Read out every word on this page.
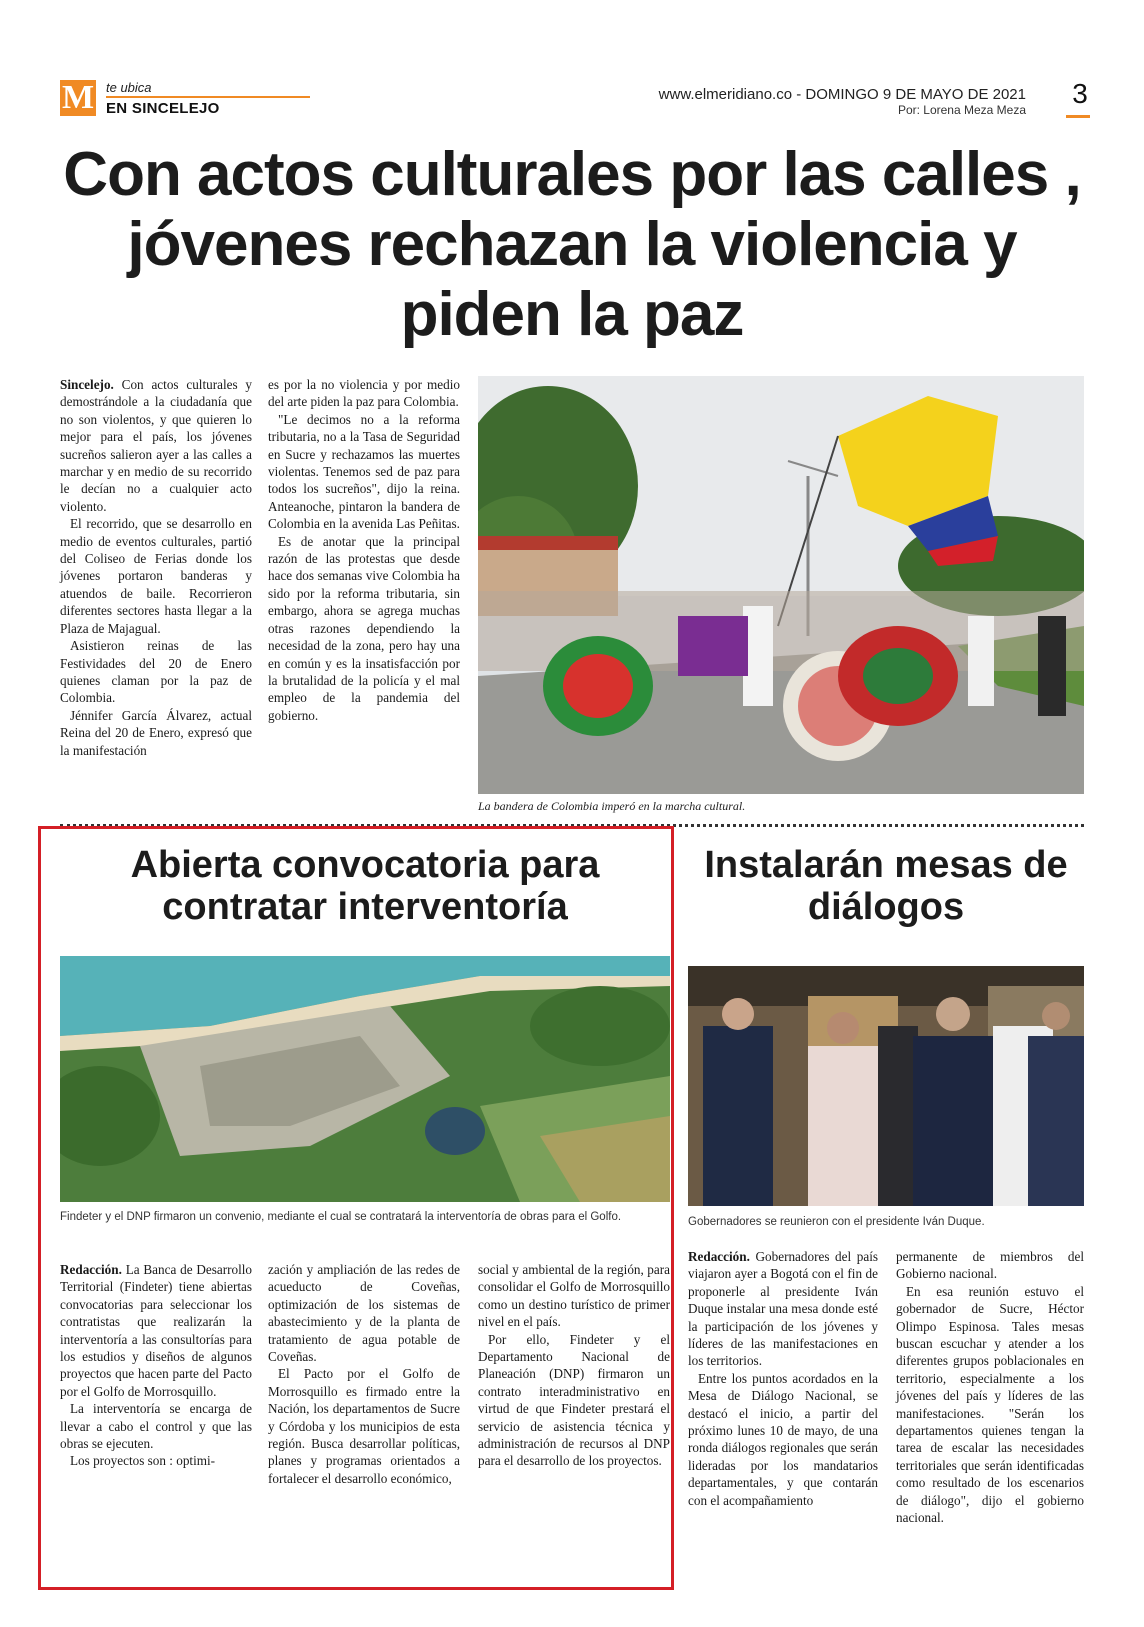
M te ubica
EN SINCELEJO
www.elmeridiano.co - DOMINGO 9 DE MAYO DE 2021
Por: Lorena Meza Meza
3
Con actos culturales por las calles , jóvenes rechazan la violencia y piden la paz

Sincelejo. Con actos culturales y demostrándole a la ciudadanía que no son violentos, y que quieren lo mejor para el país, los jóvenes sucreños salieron ayer a las calles a marchar y en medio de su recorrido le decían no a cualquier acto violento.

El recorrido, que se desarrollo en medio de eventos culturales, partió del Coliseo de Ferias donde los jóvenes portaron banderas y atuendos de baile. Recorrieron diferentes sectores hasta llegar a la Plaza de Majagual.

Asistieron reinas de las Festividades del 20 de Enero quienes claman por la paz de Colombia.

Jénnifer García Álvarez, actual Reina del 20 de Enero, expresó que la manifestación

es por la no violencia y por medio del arte piden la paz para Colombia.

"Le decimos no a la reforma tributaria, no a la Tasa de Seguridad en Sucre y rechazamos las muertes violentas. Tenemos sed de paz para todos los sucreños", dijo la reina. Anteanoche, pintaron la bandera de Colombia en la avenida Las Peñitas.

Es de anotar que la principal razón de las protestas que desde hace dos semanas vive Colombia ha sido por la reforma tributaria, sin embargo, ahora se agrega muchas otras razones dependiendo la necesidad de la zona, pero hay una en común y es la insatisfacción por la brutalidad de la policía y el mal empleo de la pandemia del gobierno.

La bandera de Colombia imperó en la marcha cultural.
Abierta convocatoria para contratar interventoría
Findeter y el DNP firmaron un convenio, mediante el cual se contratará la interventoría de obras para el Golfo.

Redacción. La Banca de Desarrollo Territorial (Findeter) tiene abiertas convocatorias para seleccionar los contratistas que realizarán la interventoría a las consultorías para los estudios y diseños de algunos proyectos que hacen parte del Pacto por el Golfo de Morrosquillo.

La interventoría se encarga de llevar a cabo el control y que las obras se ejecuten.

Los proyectos son : optimi-

zación y ampliación de las redes de acueducto de Coveñas, optimización de los sistemas de abastecimiento y de la planta de tratamiento de agua potable de Coveñas.

El Pacto por el Golfo de Morrosquillo es firmado entre la Nación, los departamentos de Sucre y Córdoba y los municipios de esta región. Busca desarrollar políticas, planes y programas orientados a fortalecer el desarrollo económico,

social y ambiental de la región, para consolidar el Golfo de Morrosquillo como un destino turístico de primer nivel en el país.

Por ello, Findeter y el Departamento Nacional de Planeación (DNP) firmaron un contrato interadministrativo en virtud de que Findeter prestará el servicio de asistencia técnica y administración de recursos al DNP para el desarrollo de los proyectos.

Instalarán mesas de diálogos
Gobernadores se reunieron con el presidente Iván Duque.

Redacción. Gobernadores del país viajaron ayer a Bogotá con el fin de proponerle al presidente Iván Duque instalar una mesa donde esté la participación de los jóvenes y líderes de las manifestaciones en los territorios.

Entre los puntos acordados en la Mesa de Diálogo Nacional, se destacó el inicio, a partir del próximo lunes 10 de mayo, de una ronda diálogos regionales que serán lideradas por los mandatarios departamentales, y que contarán con el acompañamiento

permanente de miembros del Gobierno nacional.

En esa reunión estuvo el gobernador de Sucre, Héctor Olimpo Espinosa. Tales mesas buscan escuchar y atender a los diferentes grupos poblacionales en territorio, especialmente a los jóvenes del país y líderes de las manifestaciones. "Serán los departamentos quienes tengan la tarea de escalar las necesidades territoriales que serán identificadas como resultado de los escenarios de diálogo", dijo el gobierno nacional.
